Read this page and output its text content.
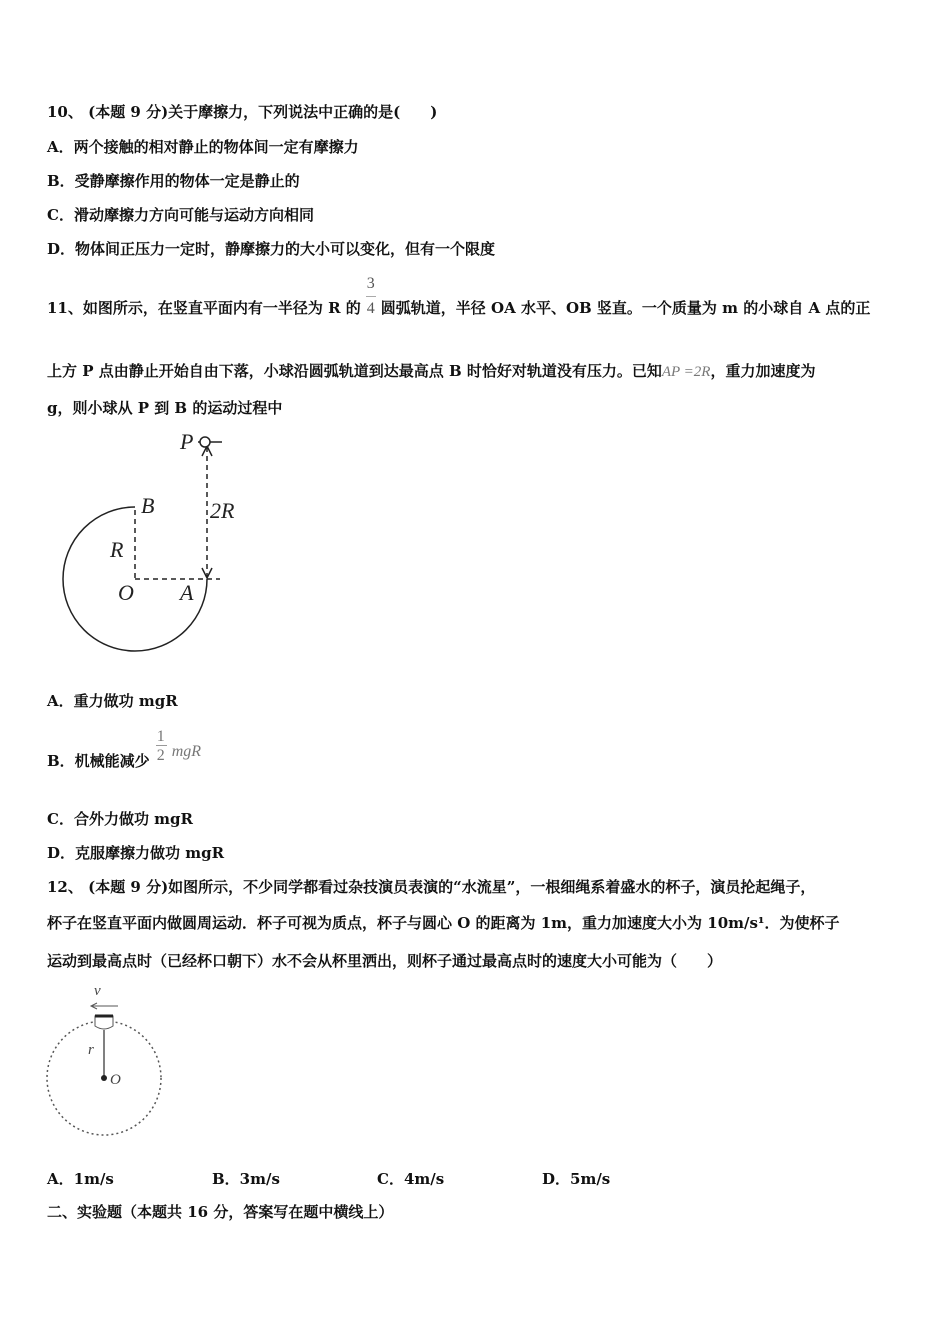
10、 (本题 9 分)关于摩擦力，下列说法中正确的是(　　)
A．两个接触的相对静止的物体间一定有摩擦力
B．受静摩擦作用的物体一定是静止的
C．滑动摩擦力方向可能与运动方向相同
D．物体间正压力一定时，静摩擦力的大小可以变化，但有一个限度
11、如图所示，在竖直平面内有一半径为 R 的 $\frac{3}{4}$ 圆弧轨道，半径 OA 水平、OB 竖直。一个质量为 m 的小球自 A 点的正
上方 P 点由静止开始自由下落，小球沿圆弧轨道到达最高点 B 时恰好对轨道没有压力。已知AP =2R，重力加速度为
g，则小球从 P 到 B 的运动过程中
P
B
R
2R
O A
v
r
O
A．重力做功 mgR
B．机械能减少 $\frac{1}{2}$ mgR
C．合外力做功 mgR
D．克服摩擦力做功 mgR
12、 (本题 9 分)如图所示，不少同学都看过杂技演员表演的“水流星”，一根细绳系着盛水的杯子，演员抡起绳子，
杯子在竖直平面内做圆周运动．杯子可视为质点，杯子与圆心 O 的距离为 1m，重力加速度大小为 10m/s¹．为使杯子
运动到最高点时（已经杯口朝下）水不会从杯里洒出，则杯子通过最高点时的速度大小可能为（　　）
A．1m/s	B．3m/s	C．4m/s	D．5m/s
二、实验题（本题共 16 分，答案写在题中横线上）
